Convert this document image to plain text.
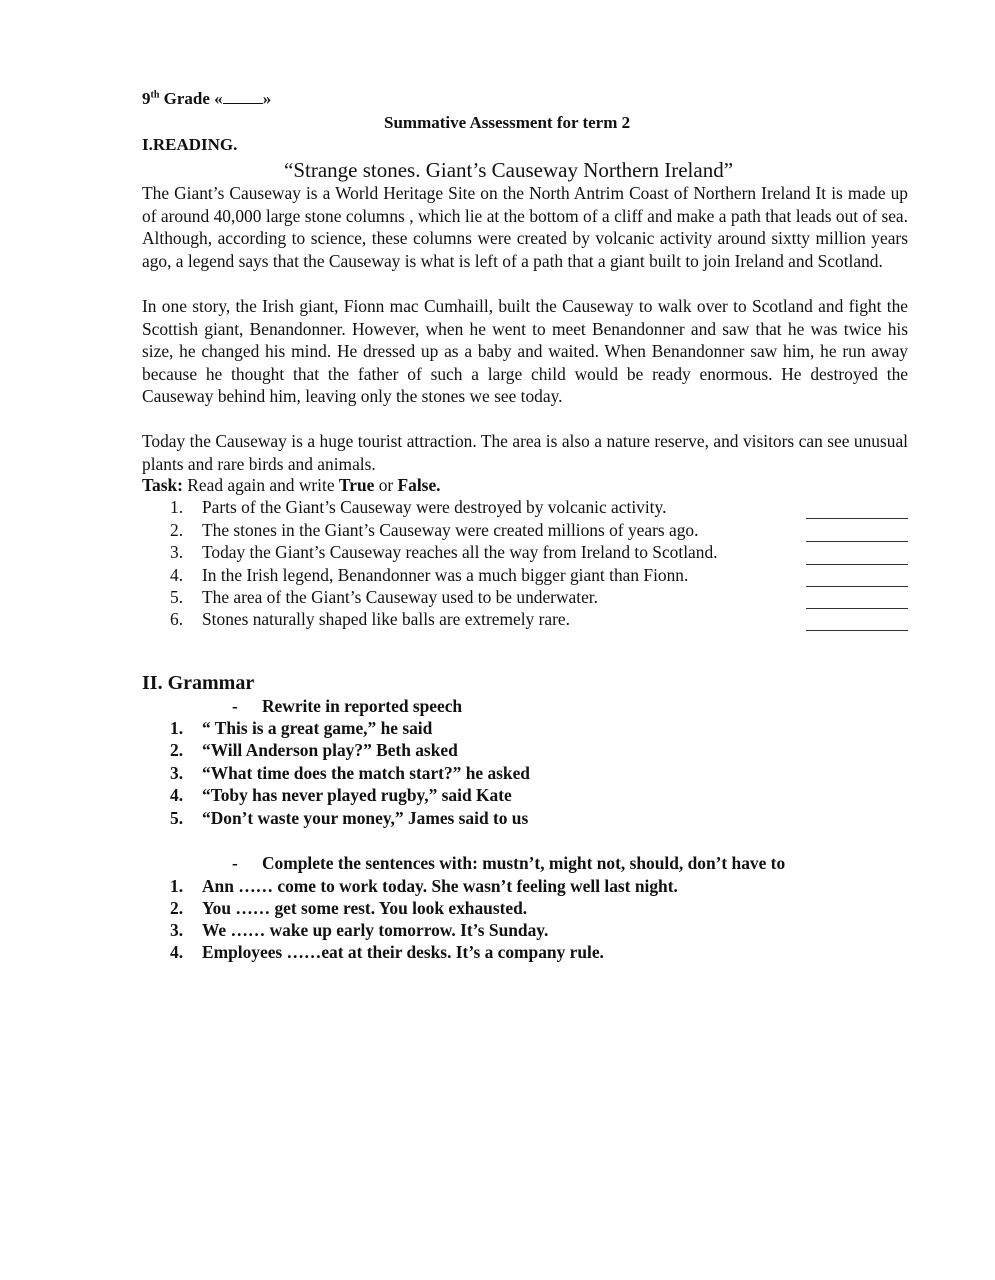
9th Grade « »
Summative Assessment for term 2
I.READING.
“Strange stones. Giant’s Causeway Northern Ireland”
The Giant’s Causeway is a World Heritage Site on the North Antrim Coast of Northern Ireland It is made up of around 40,000 large stone columns , which lie at the bottom of a cliff and make a path that leads out of sea. Although, according to science, these columns were created by volcanic activity around sixtty million years ago, a legend says that the Causeway is what is left of a path that a giant built to join Ireland and Scotland.
In one story, the Irish giant, Fionn mac Cumhaill, built the Causeway to walk over to Scotland and fight the Scottish giant, Benandonner. However, when he went to meet Benandonner and saw that he was twice his size, he changed his mind. He dressed up as a baby and waited. When Benandonner saw him, he run away because he thought that the father of such a large child would be ready enormous. He destroyed the Causeway behind him, leaving only the stones we see today.
Today the Causeway is a huge tourist attraction. The area is also a nature reserve, and visitors can see unusual plants and rare birds and animals.
Task: Read again and write True or False.
1. Parts of the Giant’s Causeway were destroyed by volcanic activity.
2. The stones in the Giant’s Causeway were created millions of years ago.
3. Today the Giant’s Causeway reaches all the way from Ireland to Scotland.
4. In the Irish legend, Benandonner was a much bigger giant than Fionn.
5. The area of the Giant’s Causeway used to be underwater.
6. Stones naturally shaped like balls are extremely rare.
II. Grammar
- Rewrite in reported speech
1. “ This is a great game,” he said
2. “Will Anderson play?” Beth asked
3. “What time does the match start?” he asked
4. “Toby has never played rugby,” said Kate
5. “Don’t waste your money,” James said to us
- Complete the sentences with: mustn’t, might not, should, don’t have to
1. Ann …… come to work today. She wasn’t feeling well last night.
2. You …… get some rest. You look exhausted.
3. We …… wake up early tomorrow. It’s Sunday.
4. Employees ……eat at their desks. It’s a company rule.
